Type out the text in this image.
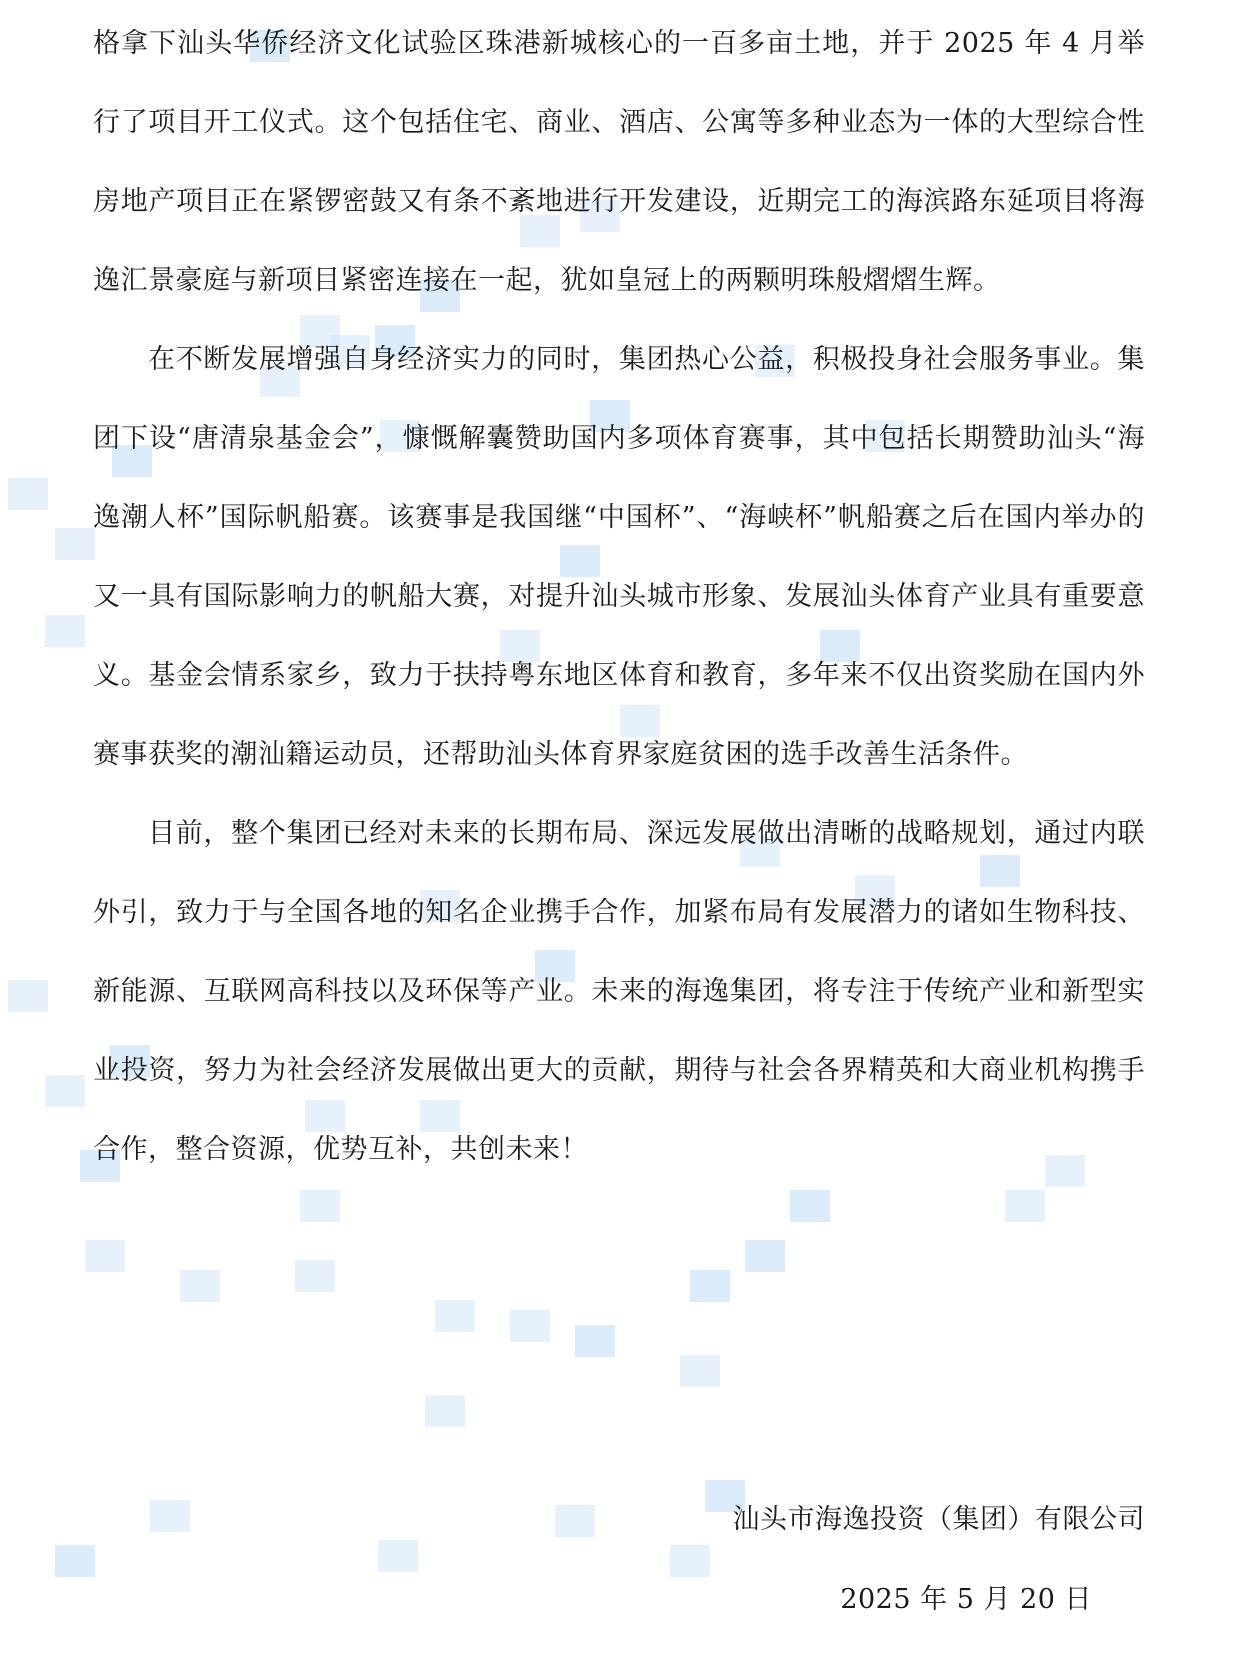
格拿下汕头华侨经济文化试验区珠港新城核心的一百多亩土地，并于 2025 年 4 月举行了项目开工仪式。这个包括住宅、商业、酒店、公寓等多种业态为一体的大型综合性房地产项目正在紧锣密鼓又有条不紊地进行开发建设，近期完工的海滨路东延项目将海逸汇景豪庭与新项目紧密连接在一起，犹如皇冠上的两颗明珠般熠熠生辉。

在不断发展增强自身经济实力的同时，集团热心公益，积极投身社会服务事业。集团下设“唐清泉基金会”，慷慨解囊赞助国内多项体育赛事，其中包括长期赞助汕头“海逸潮人杯”国际帆船赛。该赛事是我国继“中国杯”、“海峡杯”帆船赛之后在国内举办的又一具有国际影响力的帆船大赛，对提升汕头城市形象、发展汕头体育产业具有重要意义。基金会情系家乡，致力于扶持粤东地区体育和教育，多年来不仅出资奖励在国内外赛事获奖的潮汕籍运动员，还帮助汕头体育界家庭贫困的选手改善生活条件。

目前，整个集团已经对未来的长期布局、深远发展做出清晰的战略规划，通过内联外引，致力于与全国各地的知名企业携手合作，加紧布局有发展潜力的诸如生物科技、新能源、互联网高科技以及环保等产业。未来的海逸集团，将专注于传统产业和新型实业投资，努力为社会经济发展做出更大的贡献，期待与社会各界精英和大商业机构携手合作，整合资源，优势互补，共创未来！

汕头市海逸投资（集团）有限公司
2025 年 5 月 20 日
